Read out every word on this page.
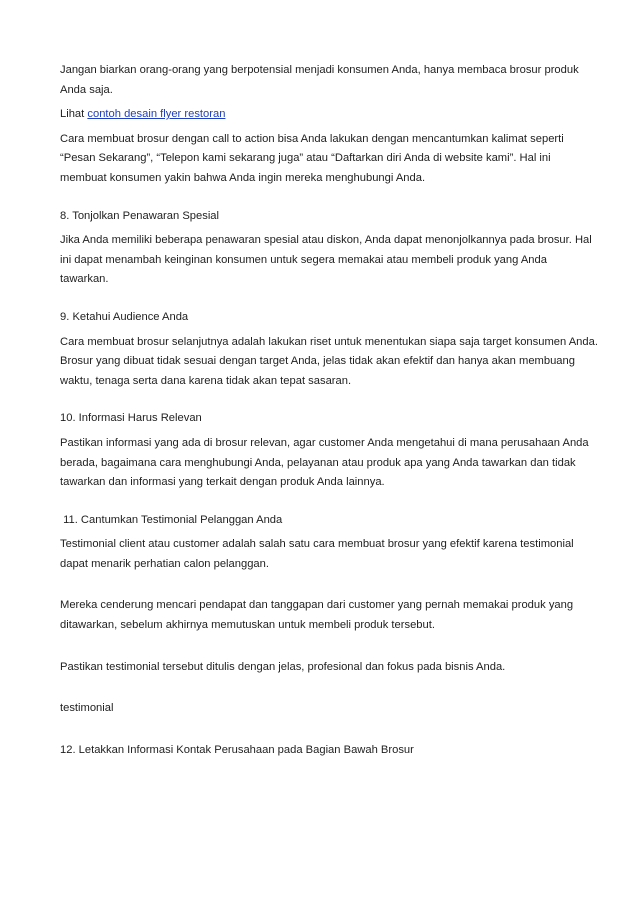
Jangan biarkan orang-orang yang berpotensial menjadi konsumen Anda, hanya membaca brosur produk Anda saja.

Lihat contoh desain flyer restoran

Cara membuat brosur dengan call to action bisa Anda lakukan dengan mencantumkan kalimat seperti “Pesan Sekarang”, “Telepon kami sekarang juga” atau “Daftarkan diri Anda di website kami”. Hal ini membuat konsumen yakin bahwa Anda ingin mereka menghubungi Anda.

8. Tonjolkan Penawaran Spesial

Jika Anda memiliki beberapa penawaran spesial atau diskon, Anda dapat menonjolkannya pada brosur. Hal ini dapat menambah keinginan konsumen untuk segera memakai atau membeli produk yang Anda tawarkan.

9. Ketahui Audience Anda

Cara membuat brosur selanjutnya adalah lakukan riset untuk menentukan siapa saja target konsumen Anda. Brosur yang dibuat tidak sesuai dengan target Anda, jelas tidak akan efektif dan hanya akan membuang waktu, tenaga serta dana karena tidak akan tepat sasaran.

10. Informasi Harus Relevan

Pastikan informasi yang ada di brosur relevan, agar customer Anda mengetahui di mana perusahaan Anda berada, bagaimana cara menghubungi Anda, pelayanan atau produk apa yang Anda tawarkan dan tidak tawarkan dan informasi yang terkait dengan produk Anda lainnya.

11. Cantumkan Testimonial Pelanggan Anda

Testimonial client atau customer adalah salah satu cara membuat brosur yang efektif karena testimonial dapat menarik perhatian calon pelanggan.

Mereka cenderung mencari pendapat dan tanggapan dari customer yang pernah memakai produk yang ditawarkan, sebelum akhirnya memutuskan untuk membeli produk tersebut.

Pastikan testimonial tersebut ditulis dengan jelas, profesional dan fokus pada bisnis Anda.

testimonial

12. Letakkan Informasi Kontak Perusahaan pada Bagian Bawah Brosur
